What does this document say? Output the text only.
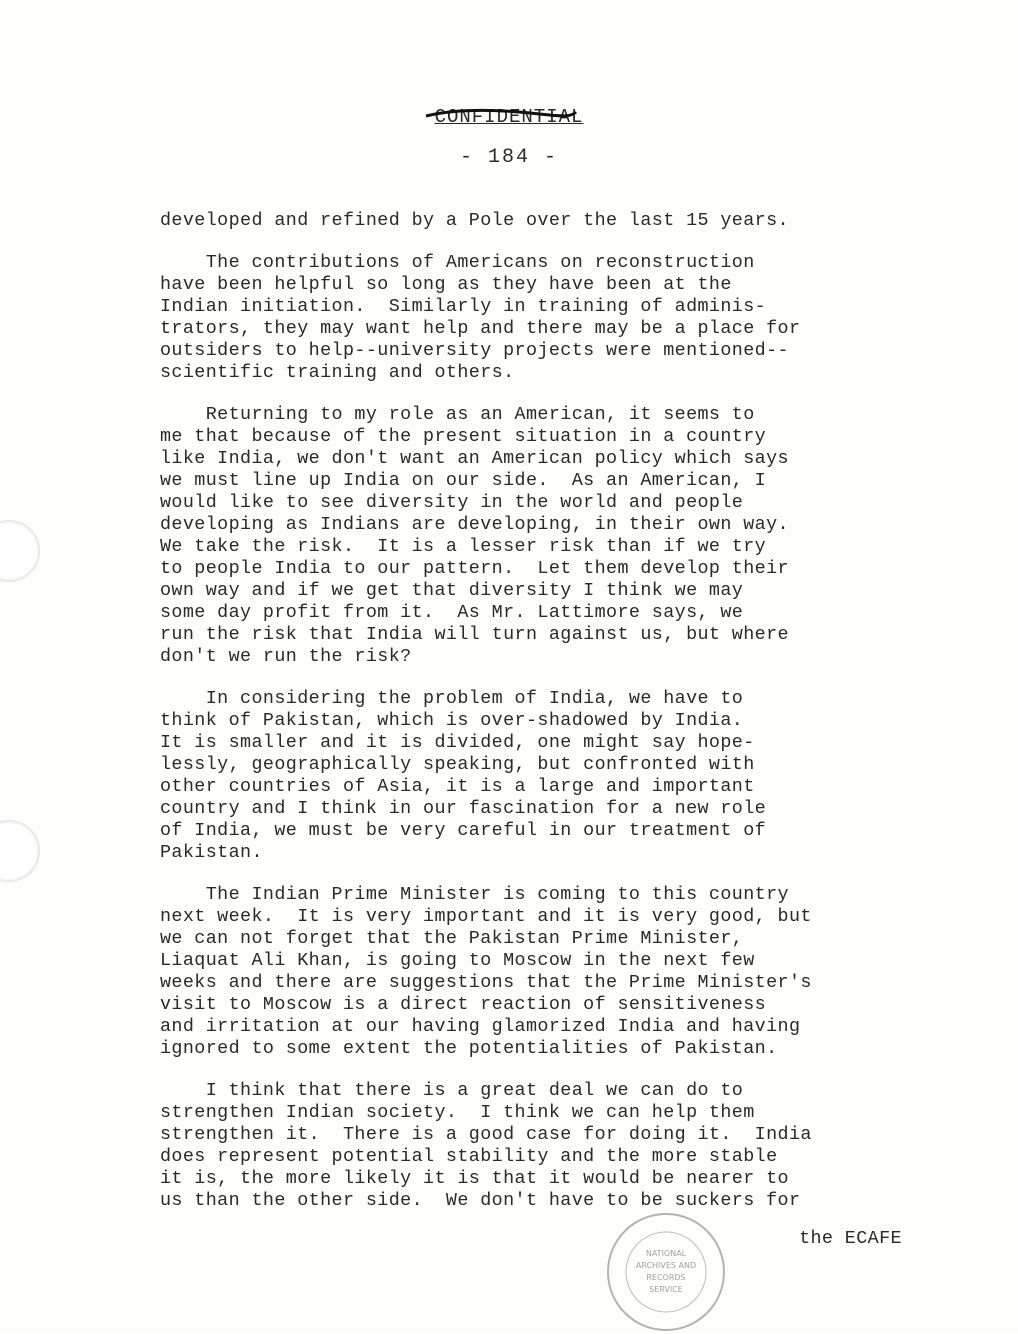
CONFIDENTIAL
- 184 -
developed and refined by a Pole over the last 15 years.
The contributions of Americans on reconstruction
have been helpful so long as they have been at the
Indian initiation.  Similarly in training of adminis-
trators, they may want help and there may be a place for
outsiders to help--university projects were mentioned--
scientific training and others.
Returning to my role as an American, it seems to
me that because of the present situation in a country
like India, we don't want an American policy which says
we must line up India on our side.  As an American, I
would like to see diversity in the world and people
developing as Indians are developing, in their own way.
We take the risk.  It is a lesser risk than if we try
to people India to our pattern.  Let them develop their
own way and if we get that diversity I think we may
some day profit from it.  As Mr. Lattimore says, we
run the risk that India will turn against us, but where
don't we run the risk?
In considering the problem of India, we have to
think of Pakistan, which is over-shadowed by India.
It is smaller and it is divided, one might say hope-
lessly, geographically speaking, but confronted with
other countries of Asia, it is a large and important
country and I think in our fascination for a new role
of India, we must be very careful in our treatment of
Pakistan.
The Indian Prime Minister is coming to this country
next week.  It is very important and it is very good, but
we can not forget that the Pakistan Prime Minister,
Liaquat Ali Khan, is going to Moscow in the next few
weeks and there are suggestions that the Prime Minister's
visit to Moscow is a direct reaction of sensitiveness
and irritation at our having glamorized India and having
ignored to some extent the potentialities of Pakistan.
I think that there is a great deal we can do to
strengthen Indian society.  I think we can help them
strengthen it.  There is a good case for doing it.  India
does represent potential stability and the more stable
it is, the more likely it is that it would be nearer to
us than the other side.  We don't have to be suckers for
the ECAFE
NATIONAL
ARCHIVES AND
RECORDS
SERVICE
